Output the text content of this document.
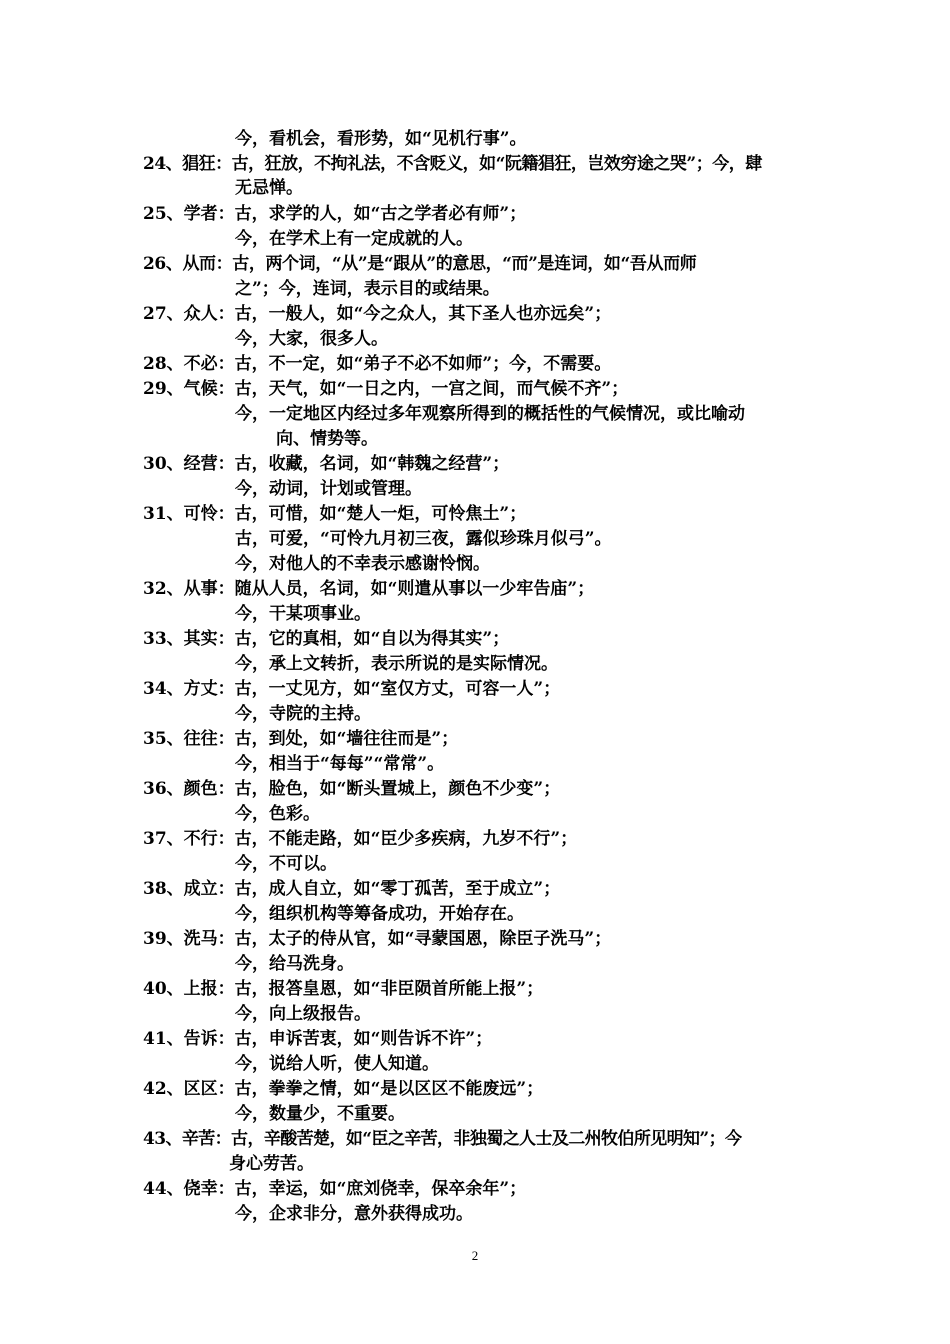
今，看机会，看形势，如“见机行事”。
24、猖狂：古，狂放，不拘礼法，不含贬义，如“阮籍猖狂，岂效穷途之哭”；今，肆
无忌惮。
25、学者：古，求学的人，如“古之学者必有师”；
今，在学术上有一定成就的人。
26、从而：古，两个词，“从”是“跟从”的意思，“而”是连词，如“吾从而师
之”；今，连词，表示目的或结果。
27、众人：古，一般人，如“今之众人，其下圣人也亦远矣”；
今，大家，很多人。
28、不必：古，不一定，如“弟子不必不如师”；今，不需要。
29、气候：古，天气，如“一日之内，一宫之间，而气候不齐”；
今，一定地区内经过多年观察所得到的概括性的气候情况，或比喻动
向、情势等。
30、经营：古，收藏，名词，如“韩魏之经营”；
今，动词，计划或管理。
31、可怜：古，可惜，如“楚人一炬，可怜焦土”；
古，可爱，“可怜九月初三夜，露似珍珠月似弓”。
今，对他人的不幸表示感谢怜悯。
32、从事：随从人员，名词，如“则遣从事以一少牢告庙”；
今，干某项事业。
33、其实：古，它的真相，如“自以为得其实”；
今，承上文转折，表示所说的是实际情况。
34、方丈：古，一丈见方，如“室仅方丈，可容一人”；
今，寺院的主持。
35、往往：古，到处，如“墙往往而是”；
今，相当于“每每”“常常”。
36、颜色：古，脸色，如“断头置城上，颜色不少变”；
今，色彩。
37、不行：古，不能走路，如“臣少多疾病，九岁不行”；
今，不可以。
38、成立：古，成人自立，如“零丁孤苦，至于成立”；
今，组织机构等筹备成功，开始存在。
39、洗马：古，太子的侍从官，如“寻蒙国恩，除臣子洗马”；
今，给马洗身。
40、上报：古，报答皇恩，如“非臣陨首所能上报”；
今，向上级报告。
41、告诉：古，申诉苦衷，如“则告诉不许”；
今，说给人听，使人知道。
42、区区：古，拳拳之情，如“是以区区不能废远”；
今，数量少，不重要。
43、辛苦：古，辛酸苦楚，如“臣之辛苦，非独蜀之人士及二州牧伯所见明知”；今
身心劳苦。
44、侥幸：古，幸运，如“庶刘侥幸，保卒余年”；
今，企求非分，意外获得成功。
2
